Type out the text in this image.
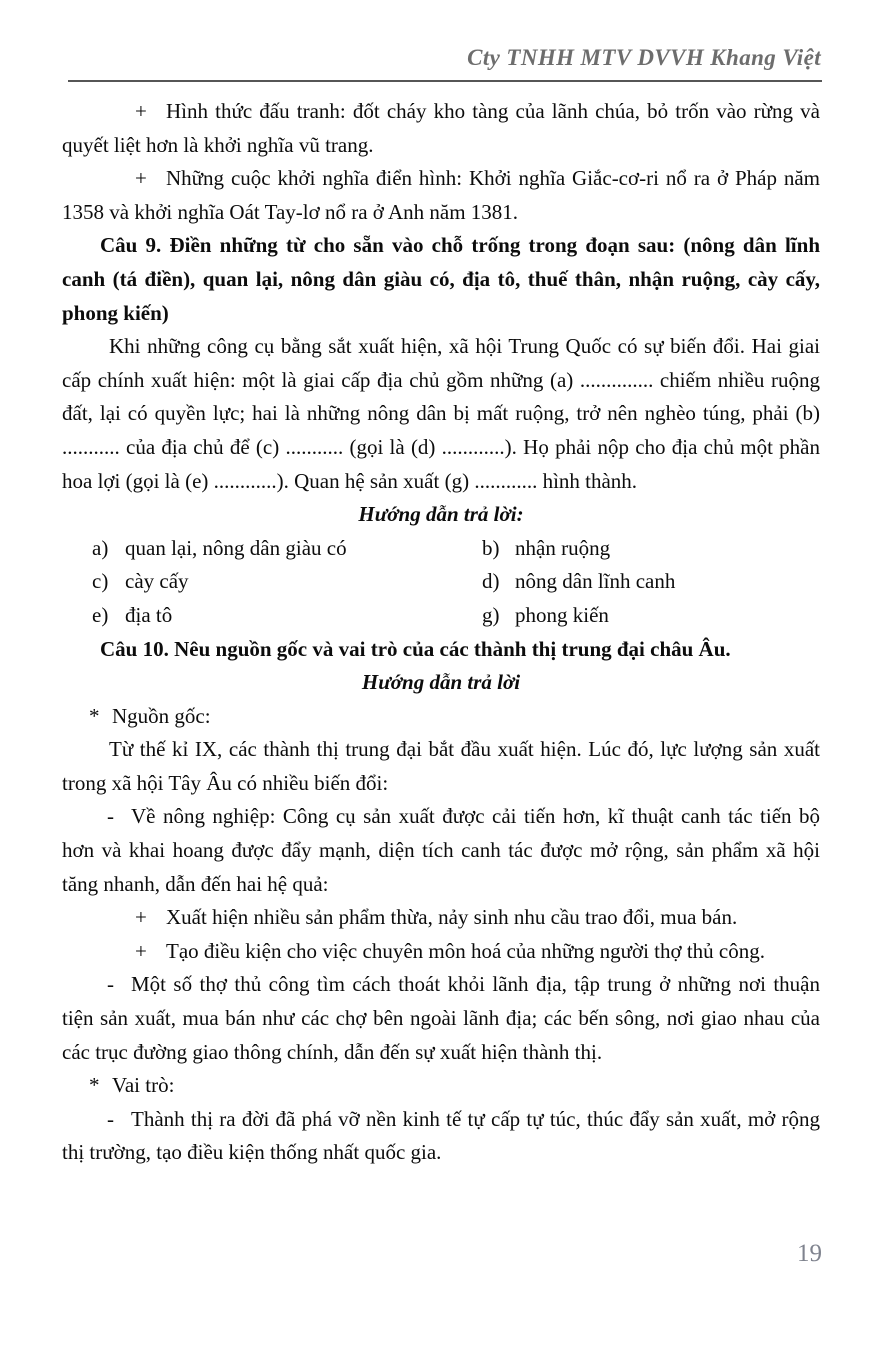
Cty TNHH MTV DVVH Khang Việt

+ Hình thức đấu tranh: đốt cháy kho tàng của lãnh chúa, bỏ trốn vào rừng và quyết liệt hơn là khởi nghĩa vũ trang.

+ Những cuộc khởi nghĩa điển hình: Khởi nghĩa Giắc-cơ-ri nổ ra ở Pháp năm 1358 và khởi nghĩa Oát Tay-lơ nổ ra ở Anh năm 1381.

Câu 9. Điền những từ cho sẵn vào chỗ trống trong đoạn sau: (nông dân lĩnh canh (tá điền), quan lại, nông dân giàu có, địa tô, thuế thân, nhận ruộng, cày cấy, phong kiến)

Khi những công cụ bằng sắt xuất hiện, xã hội Trung Quốc có sự biến đổi. Hai giai cấp chính xuất hiện: một là giai cấp địa chủ gồm những (a) .............. chiếm nhiều ruộng đất, lại có quyền lực; hai là những nông dân bị mất ruộng, trở nên nghèo túng, phải (b) ........... của địa chủ để (c) ........... (gọi là (d) ............). Họ phải nộp cho địa chủ một phần hoa lợi (gọi là (e) ............). Quan hệ sản xuất (g) ............ hình thành.

Hướng dẫn trả lời:

a) quan lại, nông dân giàu có	b) nhận ruộng
c) cày cấy	d) nông dân lĩnh canh
e) địa tô	g) phong kiến

Câu 10. Nêu nguồn gốc và vai trò của các thành thị trung đại châu Âu.

Hướng dẫn trả lời

* Nguồn gốc:

Từ thế kỉ IX, các thành thị trung đại bắt đầu xuất hiện. Lúc đó, lực lượng sản xuất trong xã hội Tây Âu có nhiều biến đổi:

- Về nông nghiệp: Công cụ sản xuất được cải tiến hơn, kĩ thuật canh tác tiến bộ hơn và khai hoang được đẩy mạnh, diện tích canh tác được mở rộng, sản phẩm xã hội tăng nhanh, dẫn đến hai hệ quả:

+ Xuất hiện nhiều sản phẩm thừa, nảy sinh nhu cầu trao đổi, mua bán.

+ Tạo điều kiện cho việc chuyên môn hoá của những người thợ thủ công.

- Một số thợ thủ công tìm cách thoát khỏi lãnh địa, tập trung ở những nơi thuận tiện sản xuất, mua bán như các chợ bên ngoài lãnh địa; các bến sông, nơi giao nhau của các trục đường giao thông chính, dẫn đến sự xuất hiện thành thị.

* Vai trò:

- Thành thị ra đời đã phá vỡ nền kinh tế tự cấp tự túc, thúc đẩy sản xuất, mở rộng thị trường, tạo điều kiện thống nhất quốc gia.

19
